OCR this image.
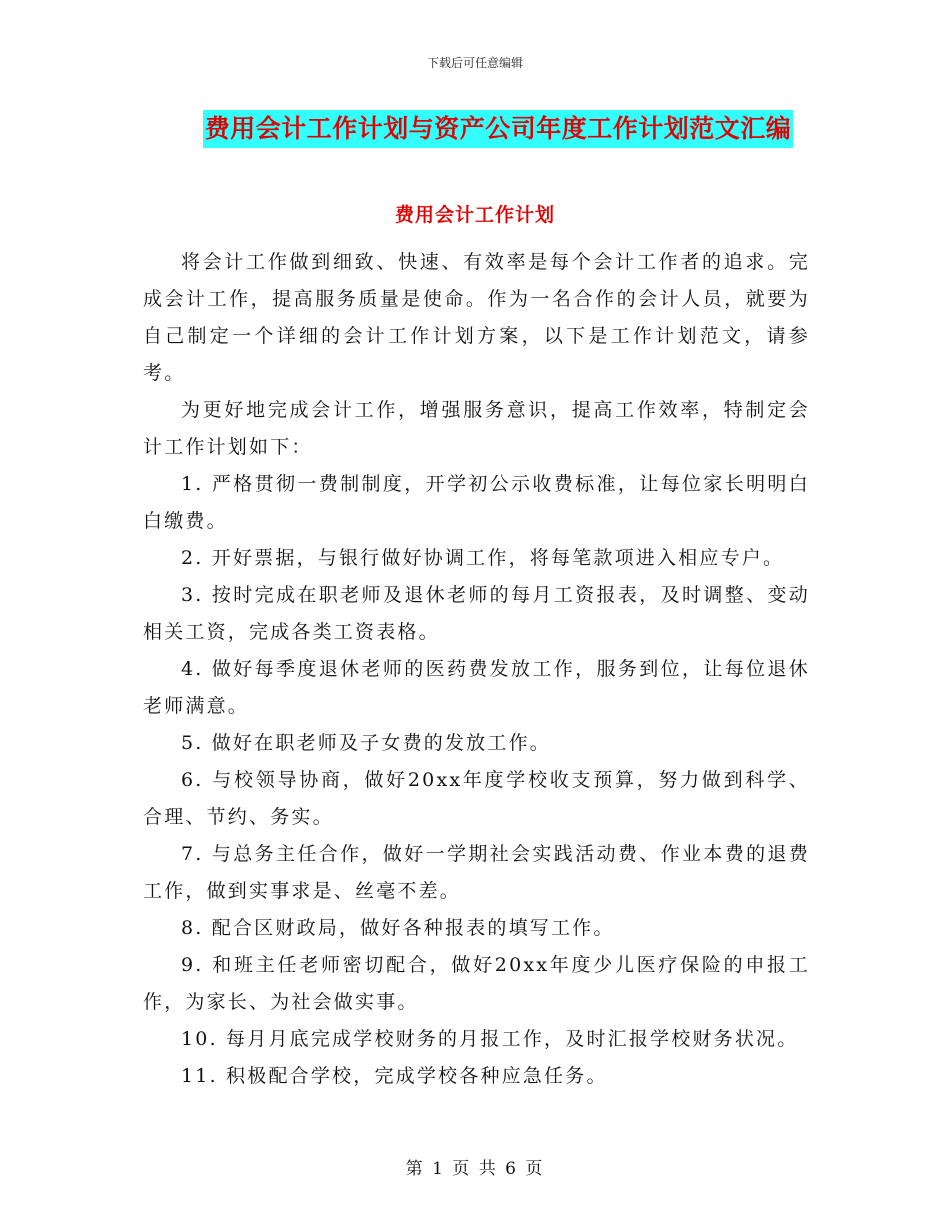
下载后可任意编辑
费用会计工作计划与资产公司年度工作计划范文汇编
费用会计工作计划

将会计工作做到细致、快速、有效率是每个会计工作者的追求。完成会计工作，提高服务质量是使命。作为一名合作的会计人员，就要为自己制定一个详细的会计工作计划方案，以下是工作计划范文，请参考。

为更好地完成会计工作，增强服务意识，提高工作效率，特制定会计工作计划如下：

1. 严格贯彻一费制制度，开学初公示收费标准，让每位家长明明白白缴费。

2. 开好票据，与银行做好协调工作，将每笔款项进入相应专户。

3. 按时完成在职老师及退休老师的每月工资报表，及时调整、变动相关工资，完成各类工资表格。

4. 做好每季度退休老师的医药费发放工作，服务到位，让每位退休老师满意。

5. 做好在职老师及子女费的发放工作。

6. 与校领导协商，做好20xx年度学校收支预算，努力做到科学、合理、节约、务实。

7. 与总务主任合作，做好一学期社会实践活动费、作业本费的退费工作，做到实事求是、丝毫不差。

8. 配合区财政局，做好各种报表的填写工作。

9. 和班主任老师密切配合，做好20xx年度少儿医疗保险的申报工作，为家长、为社会做实事。

10. 每月月底完成学校财务的月报工作，及时汇报学校财务状况。

11. 积极配合学校，完成学校各种应急任务。

第 1 页 共 6 页
